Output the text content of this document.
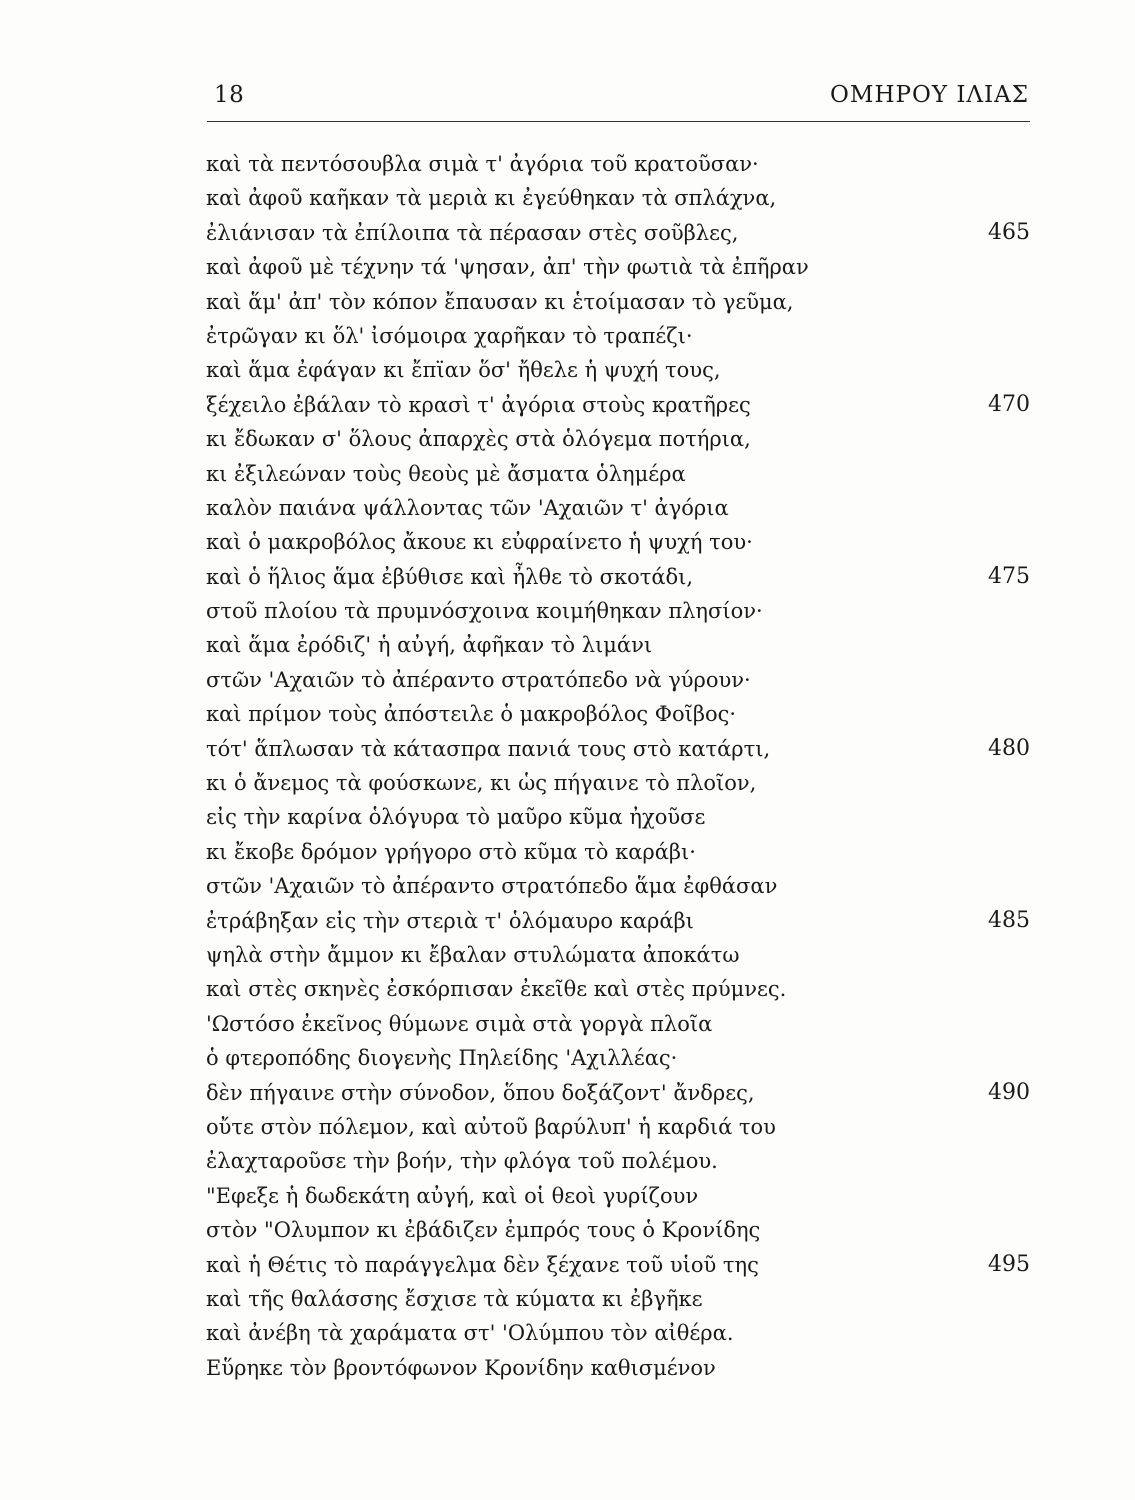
18	ΟΜΗΡΟΥ ΙΛΙΑΣ
καὶ τὰ πεντόσουβλα σιμὰ τ' ἀγόρια τοῦ κρατοῦσαν·
καὶ ἀφοῦ καῆκαν τὰ μεριὰ κι ἐγεύθηκαν τὰ σπλάχνα,
ἐλιάνισαν τὰ ἐπίλοιπα τὰ πέρασαν στὲς σοῦβλες,	465
καὶ ἀφοῦ μὲ τέχνην τά 'ψησαν, ἀπ' τὴν φωτιὰ τὰ ἐπῆραν
καὶ ἅμ' ἀπ' τὸν κόπον ἔπαυσαν κι ἑτοίμασαν τὸ γεῦμα,
ἐτρῶγαν κι ὅλ' ἰσόμοιρα χαρῆκαν τὸ τραπέζι·
καὶ ἅμα ἐφάγαν κι ἔπϊαν ὅσ' ἤθελε ἡ ψυχή τους,
ξέχειλο ἐβάλαν τὸ κρασὶ τ' ἀγόρια στοὺς κρατῆρες	470
κι ἔδωκαν σ' ὅλους ἀπαρχὲς στὰ ὁλόγεμα ποτήρια,
κι ἐξιλεώναν τοὺς θεοὺς μὲ ἄσματα ὁλημέρα
καλὸν παιάνα ψάλλοντας τῶν 'Αχαιῶν τ' ἀγόρια
καὶ ὁ μακροβόλος ἄκουε κι εὐφραίνετο ἡ ψυχή του·
καὶ ὁ ἥλιος ἅμα ἐβύθισε καὶ ἦλθε τὸ σκοτάδι,	475
στοῦ πλοίου τὰ πρυμνόσχοινα κοιμήθηκαν πλησίον·
καὶ ἅμα ἐρόδιζ' ἡ αὐγή, ἀφῆκαν τὸ λιμάνι
στῶν 'Αχαιῶν τὸ ἀπέραντο στρατόπεδο νὰ γύρουν·
καὶ πρίμον τοὺς ἀπόστειλε ὁ μακροβόλος Φοῖβος·
τότ' ἅπλωσαν τὰ κάτασπρα πανιά τους στὸ κατάρτι,	480
κι ὁ ἄνεμος τὰ φούσκωνε, κι ὡς πήγαινε τὸ πλοῖον,
εἰς τὴν καρίνα ὁλόγυρα τὸ μαῦρο κῦμα ἠχοῦσε
κι ἔκοβε δρόμον γρήγορο στὸ κῦμα τὸ καράβι·
στῶν 'Αχαιῶν τὸ ἀπέραντο στρατόπεδο ἅμα ἐφθάσαν
ἐτράβηξαν εἰς τὴν στεριὰ τ' ὁλόμαυρο καράβι	485
ψηλὰ στὴν ἄμμον κι ἔβαλαν στυλώματα ἀποκάτω
καὶ στὲς σκηνὲς ἐσκόρπισαν ἐκεῖθε καὶ στὲς πρύμνες.
'Ωστόσο ἐκεῖνος θύμωνε σιμὰ στὰ γοργὰ πλοῖα
ὁ φτεροπόδης διογενὴς Πηλείδης 'Αχιλλέας·
δὲν πήγαινε στὴν σύνοδον, ὅπου δοξάζοντ' ἄνδρες,	490
οὔτε στὸν πόλεμον, καὶ αὐτοῦ βαρύλυπ' ἡ καρδιά του
ἐλαχταροῦσε τὴν βοήν, τὴν φλόγα τοῦ πολέμου.
"Εφεξε ἡ δωδεκάτη αὐγή, καὶ οἱ θεοὶ γυρίζουν
στὸν "Ολυμπον κι ἐβάδιζεν ἐμπρός τους ὁ Κρονίδης
καὶ ἡ Θέτις τὸ παράγγελμα δὲν ξέχανε τοῦ υἱοῦ της	495
καὶ τῆς θαλάσσης ἔσχισε τὰ κύματα κι ἐβγῆκε
καὶ ἀνέβη τὰ χαράματα στ' 'Ολύμπου τὸν αἰθέρα.
Εὕρηκε τὸν βροντόφωνον Κρονίδην καθισμένον
